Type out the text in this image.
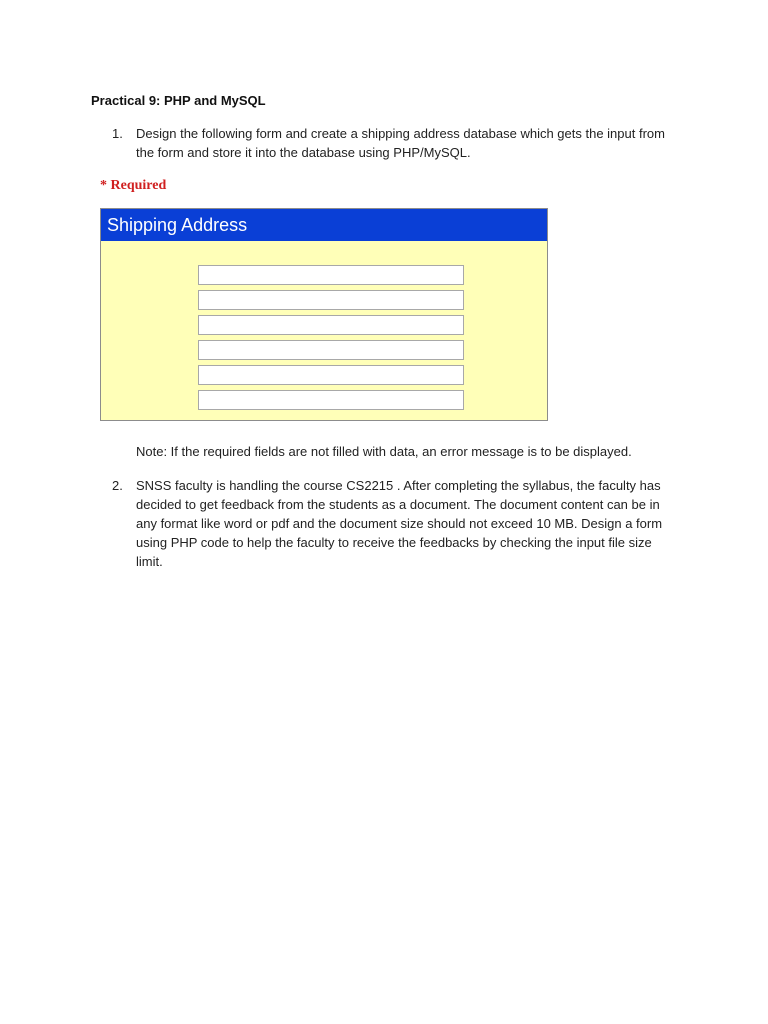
Practical 9: PHP and MySQL
1.	Design the following form and create a shipping address database which gets the input from the form and store it into the database using PHP/MySQL.
* Required
Shipping Address
Note: If the required fields are not filled with data, an error message is to be displayed.
2.	SNSS faculty is handling the course CS2215 . After completing the syllabus, the faculty has decided to get feedback from the students as a document. The document content can be in any format like word or pdf and the document size should not exceed 10 MB. Design a form using PHP code to help the faculty to receive the feedbacks by checking the input file size limit.
